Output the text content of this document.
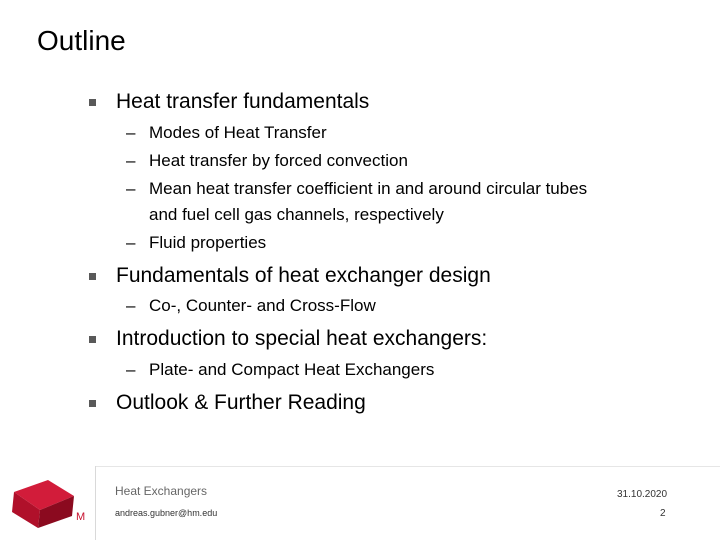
Outline
Heat transfer fundamentals
– Modes of Heat Transfer
– Heat transfer by forced convection
– Mean heat transfer coefficient in and around circular tubes
and fuel cell gas channels, respectively
– Fluid properties
Fundamentals of heat exchanger design
– Co-, Counter- and Cross-Flow
Introduction to special heat exchangers:
– Plate- and Compact Heat Exchangers
Outlook & Further Reading
M
Heat Exchangers
andreas.gubner@hm.edu
31.10.2020
2
